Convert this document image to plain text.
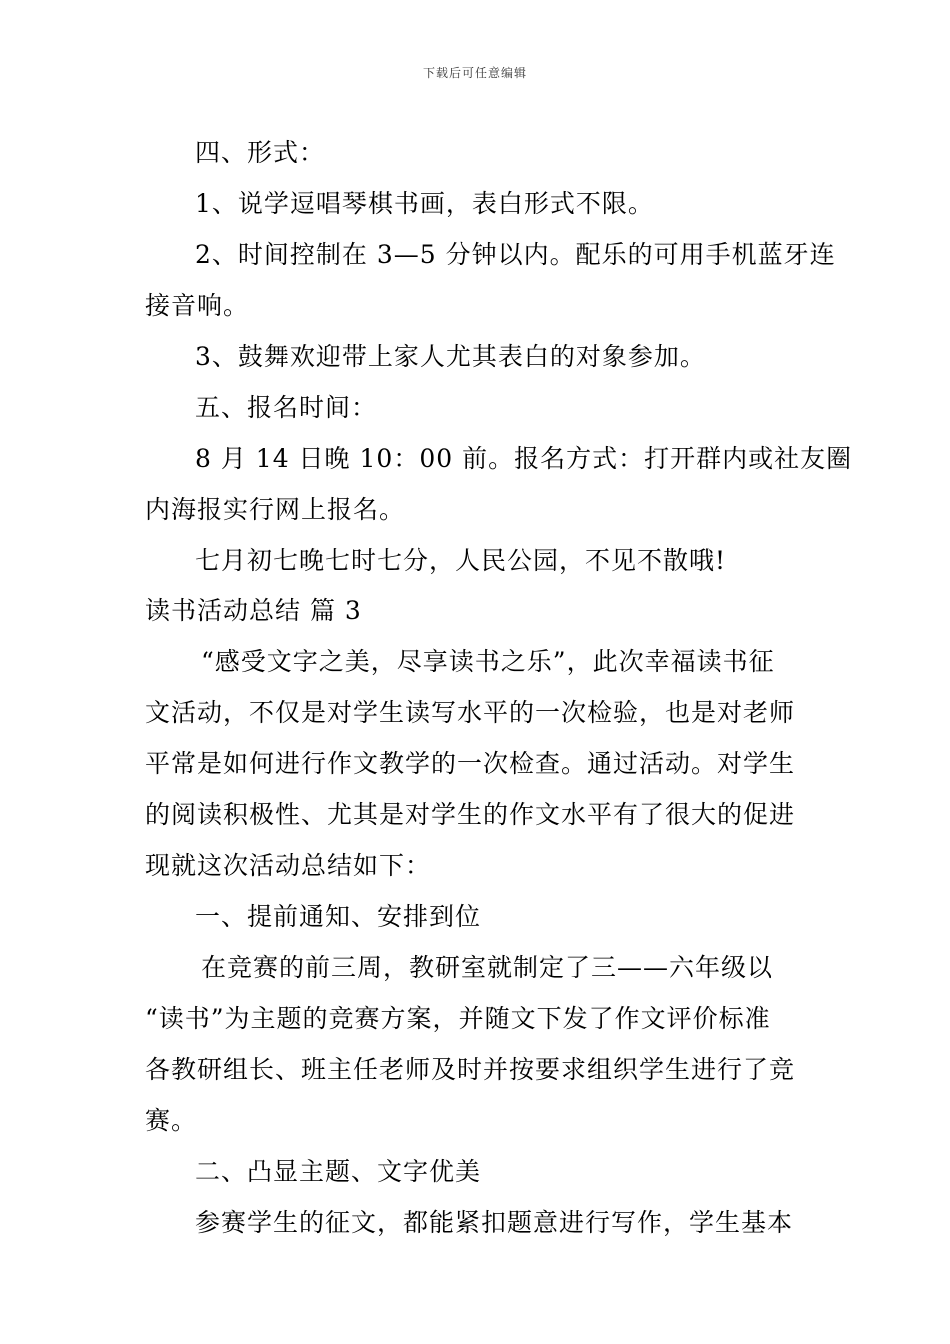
下载后可任意编辑
四、形式：
1、说学逗唱琴棋书画，表白形式不限。
2、时间控制在 3—5 分钟以内。配乐的可用手机蓝牙连
接音响。
3、鼓舞欢迎带上家人尤其表白的对象参加。
五、报名时间：
8 月 14 日晚 10：00 前。报名方式：打开群内或社友圈
内海报实行网上报名。
七月初七晚七时七分，人民公园，不见不散哦!
读书活动总结 篇 3
“感受文字之美，尽享读书之乐”，此次幸福读书征
文活动，不仅是对学生读写水平的一次检验，也是对老师
平常是如何进行作文教学的一次检查。通过活动。对学生
的阅读积极性、尤其是对学生的作文水平有了很大的促进
现就这次活动总结如下：
一、提前通知、安排到位
在竞赛的前三周，教研室就制定了三——六年级以
“读书”为主题的竞赛方案，并随文下发了作文评价标准
各教研组长、班主任老师及时并按要求组织学生进行了竞
赛。
二、凸显主题、文字优美
参赛学生的征文，都能紧扣题意进行写作，学生基本
